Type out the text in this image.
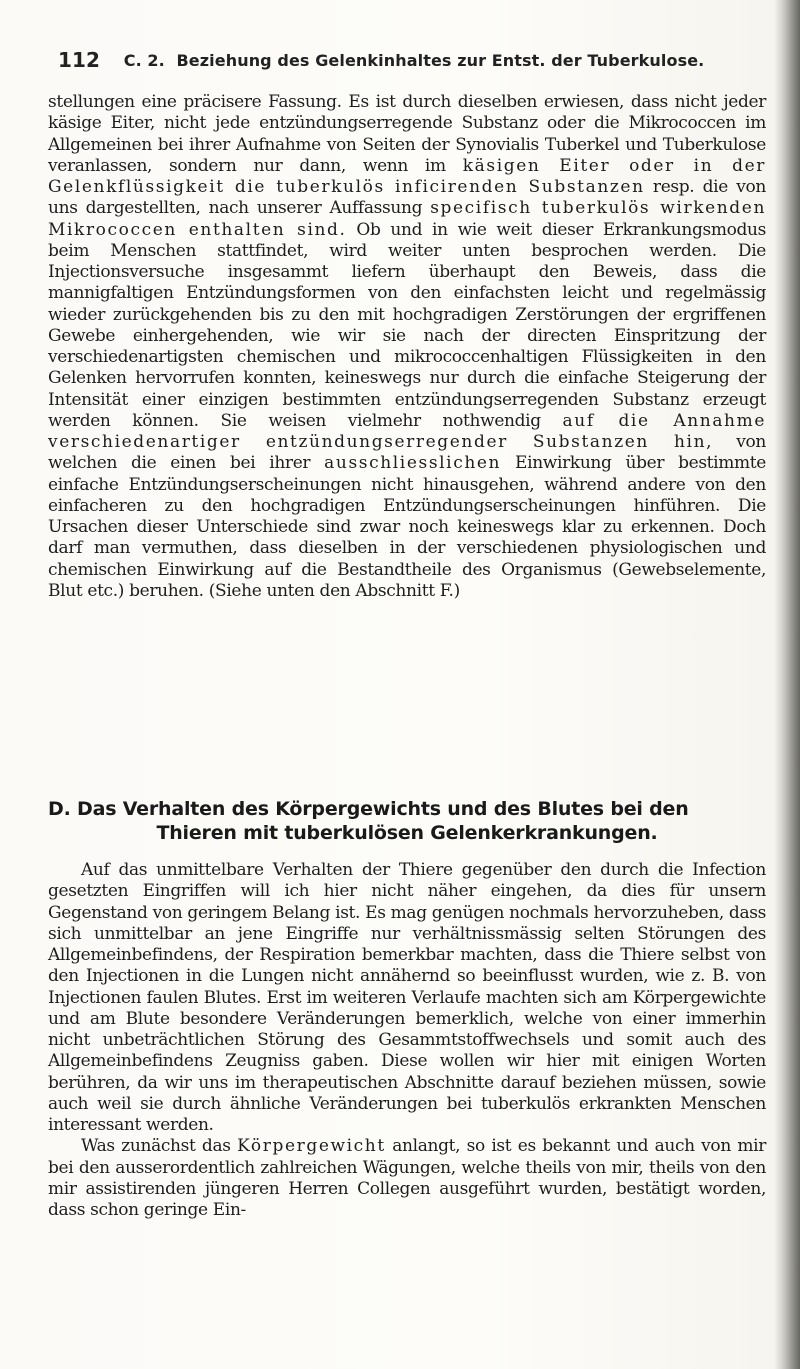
112 C. 2. Beziehung des Gelenkinhaltes zur Entst. der Tuberkulose.

stellungen eine präcisere Fassung. Es ist durch dieselben erwiesen, dass nicht jeder käsige Eiter, nicht jede entzündungserregende Substanz oder die Mikrococcen im Allgemeinen bei ihrer Aufnahme von Seiten der Synovialis Tuberkel und Tuberkulose veranlassen, sondern nur dann, wenn im käsigen Eiter oder in der Gelenkflüssigkeit die tuberkulös inficirenden Substanzen resp. die von uns dargestellten, nach unserer Auffassung specifisch tuberkulös wirkenden Mikrococcen enthalten sind. Ob und in wie weit dieser Erkrankungsmodus beim Menschen stattfindet, wird weiter unten besprochen werden. Die Injectionsversuche insgesammt liefern überhaupt den Beweis, dass die mannigfaltigen Entzündungsformen von den einfachsten leicht und regelmässig wieder zurückgehenden bis zu den mit hochgradigen Zerstörungen der ergriffenen Gewebe einhergehenden, wie wir sie nach der directen Einspritzung der verschiedenartigsten chemischen und mikrococcenhaltigen Flüssigkeiten in den Gelenken hervorrufen konnten, keineswegs nur durch die einfache Steigerung der Intensität einer einzigen bestimmten entzündungserregenden Substanz erzeugt werden können. Sie weisen vielmehr nothwendig auf die Annahme verschiedenartiger entzündungserregender Substanzen hin, von welchen die einen bei ihrer ausschliesslichen Einwirkung über bestimmte einfache Entzündungserscheinungen nicht hinausgehen, während andere von den einfacheren zu den hochgradigen Entzündungserscheinungen hinführen. Die Ursachen dieser Unterschiede sind zwar noch keineswegs klar zu erkennen. Doch darf man vermuthen, dass dieselben in der verschiedenen physiologischen und chemischen Einwirkung auf die Bestandtheile des Organismus (Gewebselemente, Blut etc.) beruhen. (Siehe unten den Abschnitt F.)

D. Das Verhalten des Körpergewichts und des Blutes bei den
Thieren mit tuberkulösen Gelenkerkrankungen.

Auf das unmittelbare Verhalten der Thiere gegenüber den durch die Infection gesetzten Eingriffen will ich hier nicht näher eingehen, da dies für unsern Gegenstand von geringem Belang ist. Es mag genügen nochmals hervorzuheben, dass sich unmittelbar an jene Eingriffe nur verhältnissmässig selten Störungen des Allgemeinbefindens, der Respiration bemerkbar machten, dass die Thiere selbst von den Injectionen in die Lungen nicht annähernd so beeinflusst wurden, wie z. B. von Injectionen faulen Blutes. Erst im weiteren Verlaufe machten sich am Körpergewichte und am Blute besondere Veränderungen bemerklich, welche von einer immerhin nicht unbeträchtlichen Störung des Gesammtstoffwechsels und somit auch des Allgemeinbefindens Zeugniss gaben. Diese wollen wir hier mit einigen Worten berühren, da wir uns im therapeutischen Abschnitte darauf beziehen müssen, sowie auch weil sie durch ähnliche Veränderungen bei tuberkulös erkrankten Menschen interessant werden.

Was zunächst das Körpergewicht anlangt, so ist es bekannt und auch von mir bei den ausserordentlich zahlreichen Wägungen, welche theils von mir, theils von den mir assistirenden jüngeren Herren Collegen ausgeführt wurden, bestätigt worden, dass schon geringe Ein-
